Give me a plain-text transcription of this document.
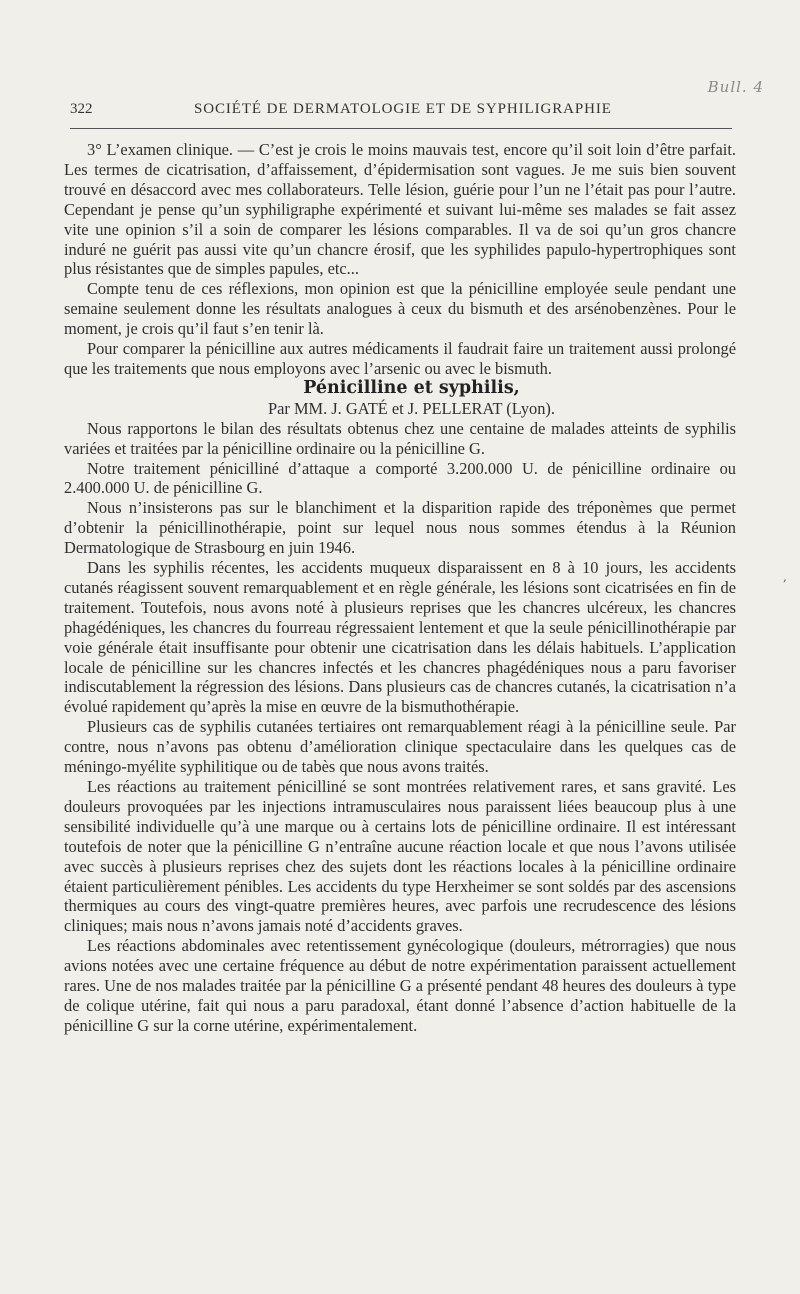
Bull. 4
322	SOCIÉTÉ DE DERMATOLOGIE ET DE SYPHILIGRAPHIE

3° L’examen clinique. — C’est je crois le moins mauvais test, encore qu’il soit loin d’être parfait. Les termes de cicatrisation, d’affaissement, d’épidermisation sont vagues. Je me suis bien souvent trouvé en désaccord avec mes collaborateurs. Telle lésion, guérie pour l’un ne l’était pas pour l’autre. Cependant je pense qu’un syphiligraphe expérimenté et suivant lui-même ses malades se fait assez vite une opinion s’il a soin de comparer les lésions comparables. Il va de soi qu’un gros chancre induré ne guérit pas aussi vite qu’un chancre érosif, que les syphilides papulo-hypertrophiques sont plus résistantes que de simples papules, etc...

Compte tenu de ces réflexions, mon opinion est que la pénicilline employée seule pendant une semaine seulement donne les résultats analogues à ceux du bismuth et des arsénobenzènes. Pour le moment, je crois qu’il faut s’en tenir là.

Pour comparer la pénicilline aux autres médicaments il faudrait faire un traitement aussi prolongé que les traitements que nous employons avec l’arsenic ou avec le bismuth.

Pénicilline et syphilis,

Par MM. J. GATÉ et J. PELLERAT (Lyon).

Nous rapportons le bilan des résultats obtenus chez une centaine de malades atteints de syphilis variées et traitées par la pénicilline ordinaire ou la pénicilline G.

Notre traitement pénicilliné d’attaque a comporté 3.200.000 U. de pénicilline ordinaire ou 2.400.000 U. de pénicilline G.

Nous n’insisterons pas sur le blanchiment et la disparition rapide des tréponèmes que permet d’obtenir la pénicillinothérapie, point sur lequel nous nous sommes étendus à la Réunion Dermatologique de Strasbourg en juin 1946.

Dans les syphilis récentes, les accidents muqueux disparaissent en 8 à 10 jours, les accidents cutanés réagissent souvent remarquablement et en règle générale, les lésions sont cicatrisées en fin de traitement. Toutefois, nous avons noté à plusieurs reprises que les chancres ulcéreux, les chancres phagédéniques, les chancres du fourreau régressaient lentement et que la seule pénicillinothérapie par voie générale était insuffisante pour obtenir une cicatrisation dans les délais habituels. L’application locale de pénicilline sur les chancres infectés et les chancres phagédéniques nous a paru favoriser indiscutablement la régression des lésions. Dans plusieurs cas de chancres cutanés, la cicatrisation n’a évolué rapidement qu’après la mise en œuvre de la bismuthothérapie.

Plusieurs cas de syphilis cutanées tertiaires ont remarquablement réagi à la pénicilline seule. Par contre, nous n’avons pas obtenu d’amélioration clinique spectaculaire dans les quelques cas de méningo-myélite syphilitique ou de tabès que nous avons traités.

Les réactions au traitement pénicilliné se sont montrées relativement rares, et sans gravité. Les douleurs provoquées par les injections intramusculaires nous paraissent liées beaucoup plus à une sensibilité individuelle qu’à une marque ou à certains lots de pénicilline ordinaire. Il est intéressant toutefois de noter que la pénicilline G n’entraîne aucune réaction locale et que nous l’avons utilisée avec succès à plusieurs reprises chez des sujets dont les réactions locales à la pénicilline ordinaire étaient particulièrement pénibles. Les accidents du type Herxheimer se sont soldés par des ascensions thermiques au cours des vingt-quatre premières heures, avec parfois une recrudescence des lésions cliniques; mais nous n’avons jamais noté d’accidents graves.

Les réactions abdominales avec retentissement gynécologique (douleurs, métrorragies) que nous avions notées avec une certaine fréquence au début de notre expérimentation paraissent actuellement rares. Une de nos malades traitée par la pénicilline G a présenté pendant 48 heures des douleurs à type de colique utérine, fait qui nous a paru paradoxal, étant donné l’absence d’action habituelle de la pénicilline G sur la corne utérine, expérimentalement.

,
